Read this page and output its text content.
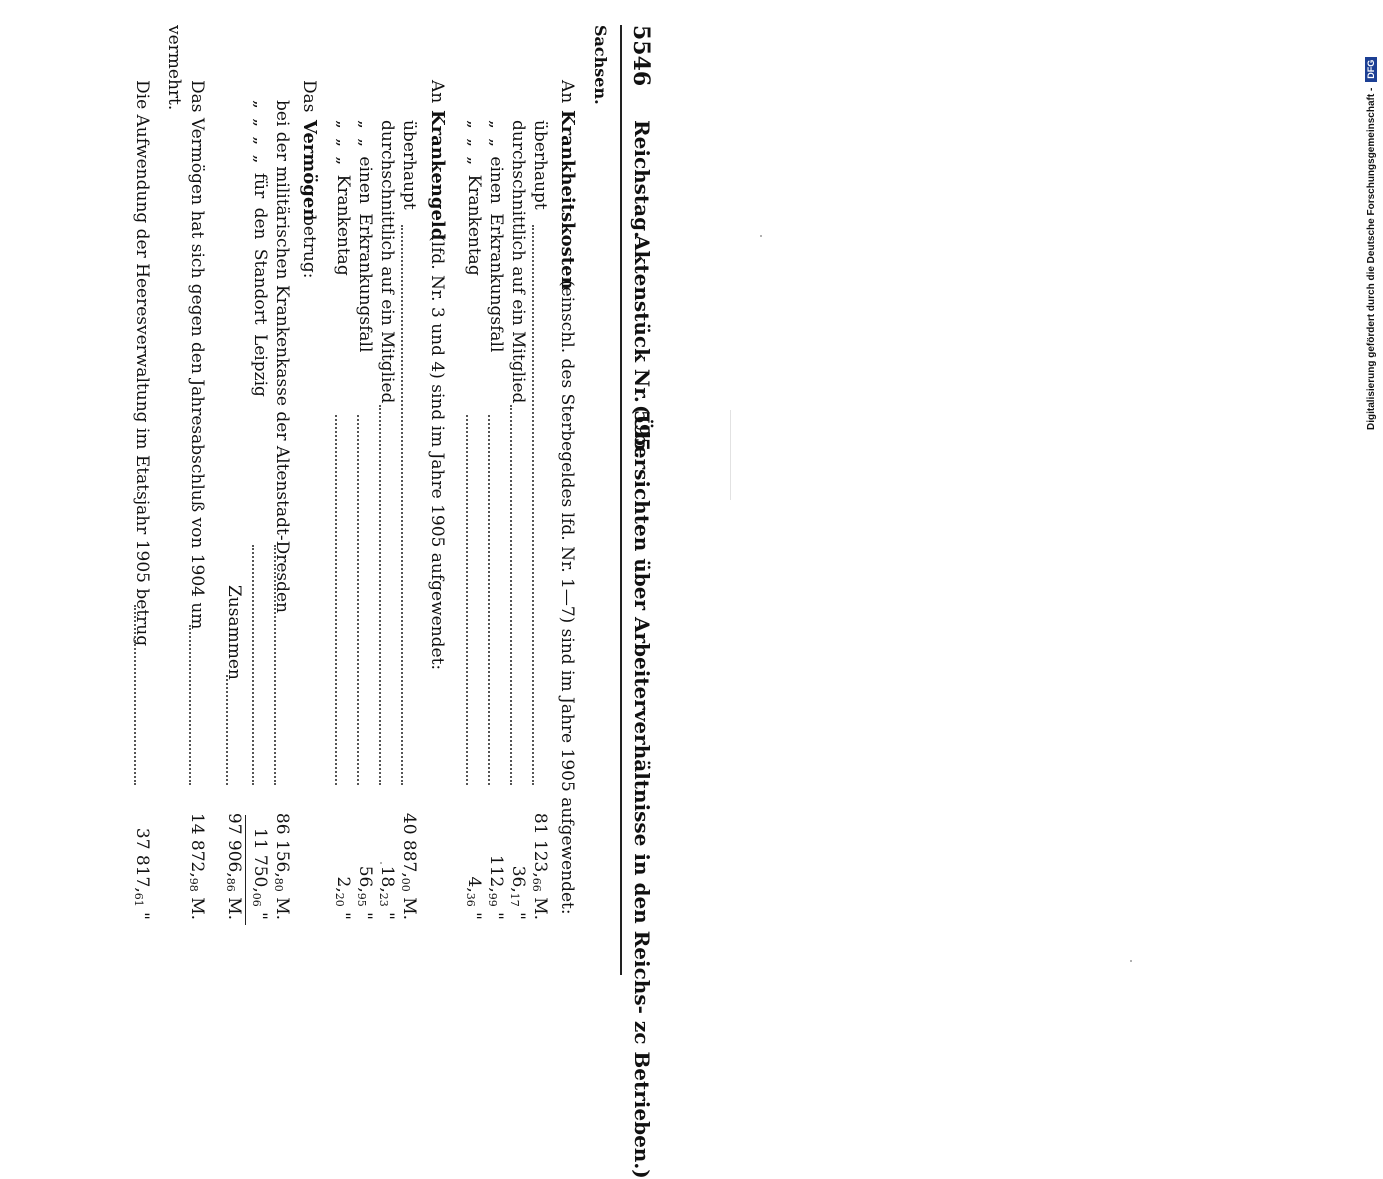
5546
Reichstag.
Aktenstück Nr. 595.
(Übersichten über Arbeiterverhältnisse in den Reichs- zc Betrieben.)
Sachsen.
An
Krankheitskosten
(einschl. des Sterbegeldes lfd. Nr. 1—7) sind im Jahre 1905 aufgewendet:
überhaupt
81 123,66 M.
durchschnittlich auf ein Mitglied
36,17 "
„ „ einen Erkrankungsfall
112,99 "
„ „ „ Krankentag
4,36 "
An
Krankengeld
(lfd. Nr. 3 und 4) sind im Jahre 1905 aufgewendet:
überhaupt
40 887,00 M.
durchschnittlich auf ein Mitglied
18,23 "
„ „ einen Erkrankungsfall
56,95 "
„ „ „ Krankentag
2,20 "
Das
Vermögen
betrug:
bei der militärischen Krankenkasse der Altenstadt-Dresden
86 156,80 M.
„ „ „ „ für den Standort Leipzig
11 750,06 "
Zusammen
97 906,86 M.
Das Vermögen hat sich gegen den Jahresabschluß von 1904 um
14 872,98 M.
vermehrt.
Die Aufwendung der Heeresverwaltung im Etatsjahr 1905 betrug
37 817,61 "
Digitalisierung gefördert durch die Deutsche Forschungsgemeinschaft -
DFG
